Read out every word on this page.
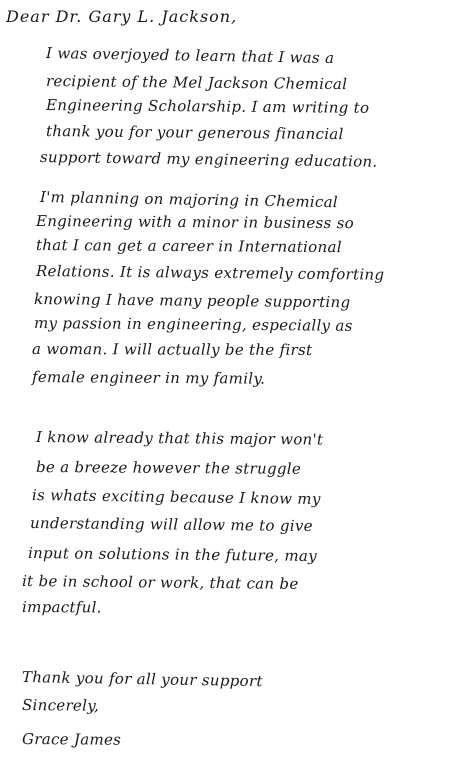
Dear Dr. Gary L. Jackson,
I was overjoyed to learn that I was a
recipient of the Mel Jackson Chemical
Engineering Scholarship. I am writing to
thank you for your generous financial
support toward my engineering education.
I'm planning on majoring in Chemical
Engineering with a minor in business so
that I can get a career in International
Relations. It is always extremely comforting
knowing I have many people supporting
my passion in engineering, especially as
a woman. I will actually be the first
female engineer in my family.
I know already that this major won't
be a breeze however the struggle
is whats exciting because I know my
understanding will allow me to give
input on solutions in the future, may
it be in school or work, that can be
impactful.
Thank you for all your support
Sincerely,
Grace James
